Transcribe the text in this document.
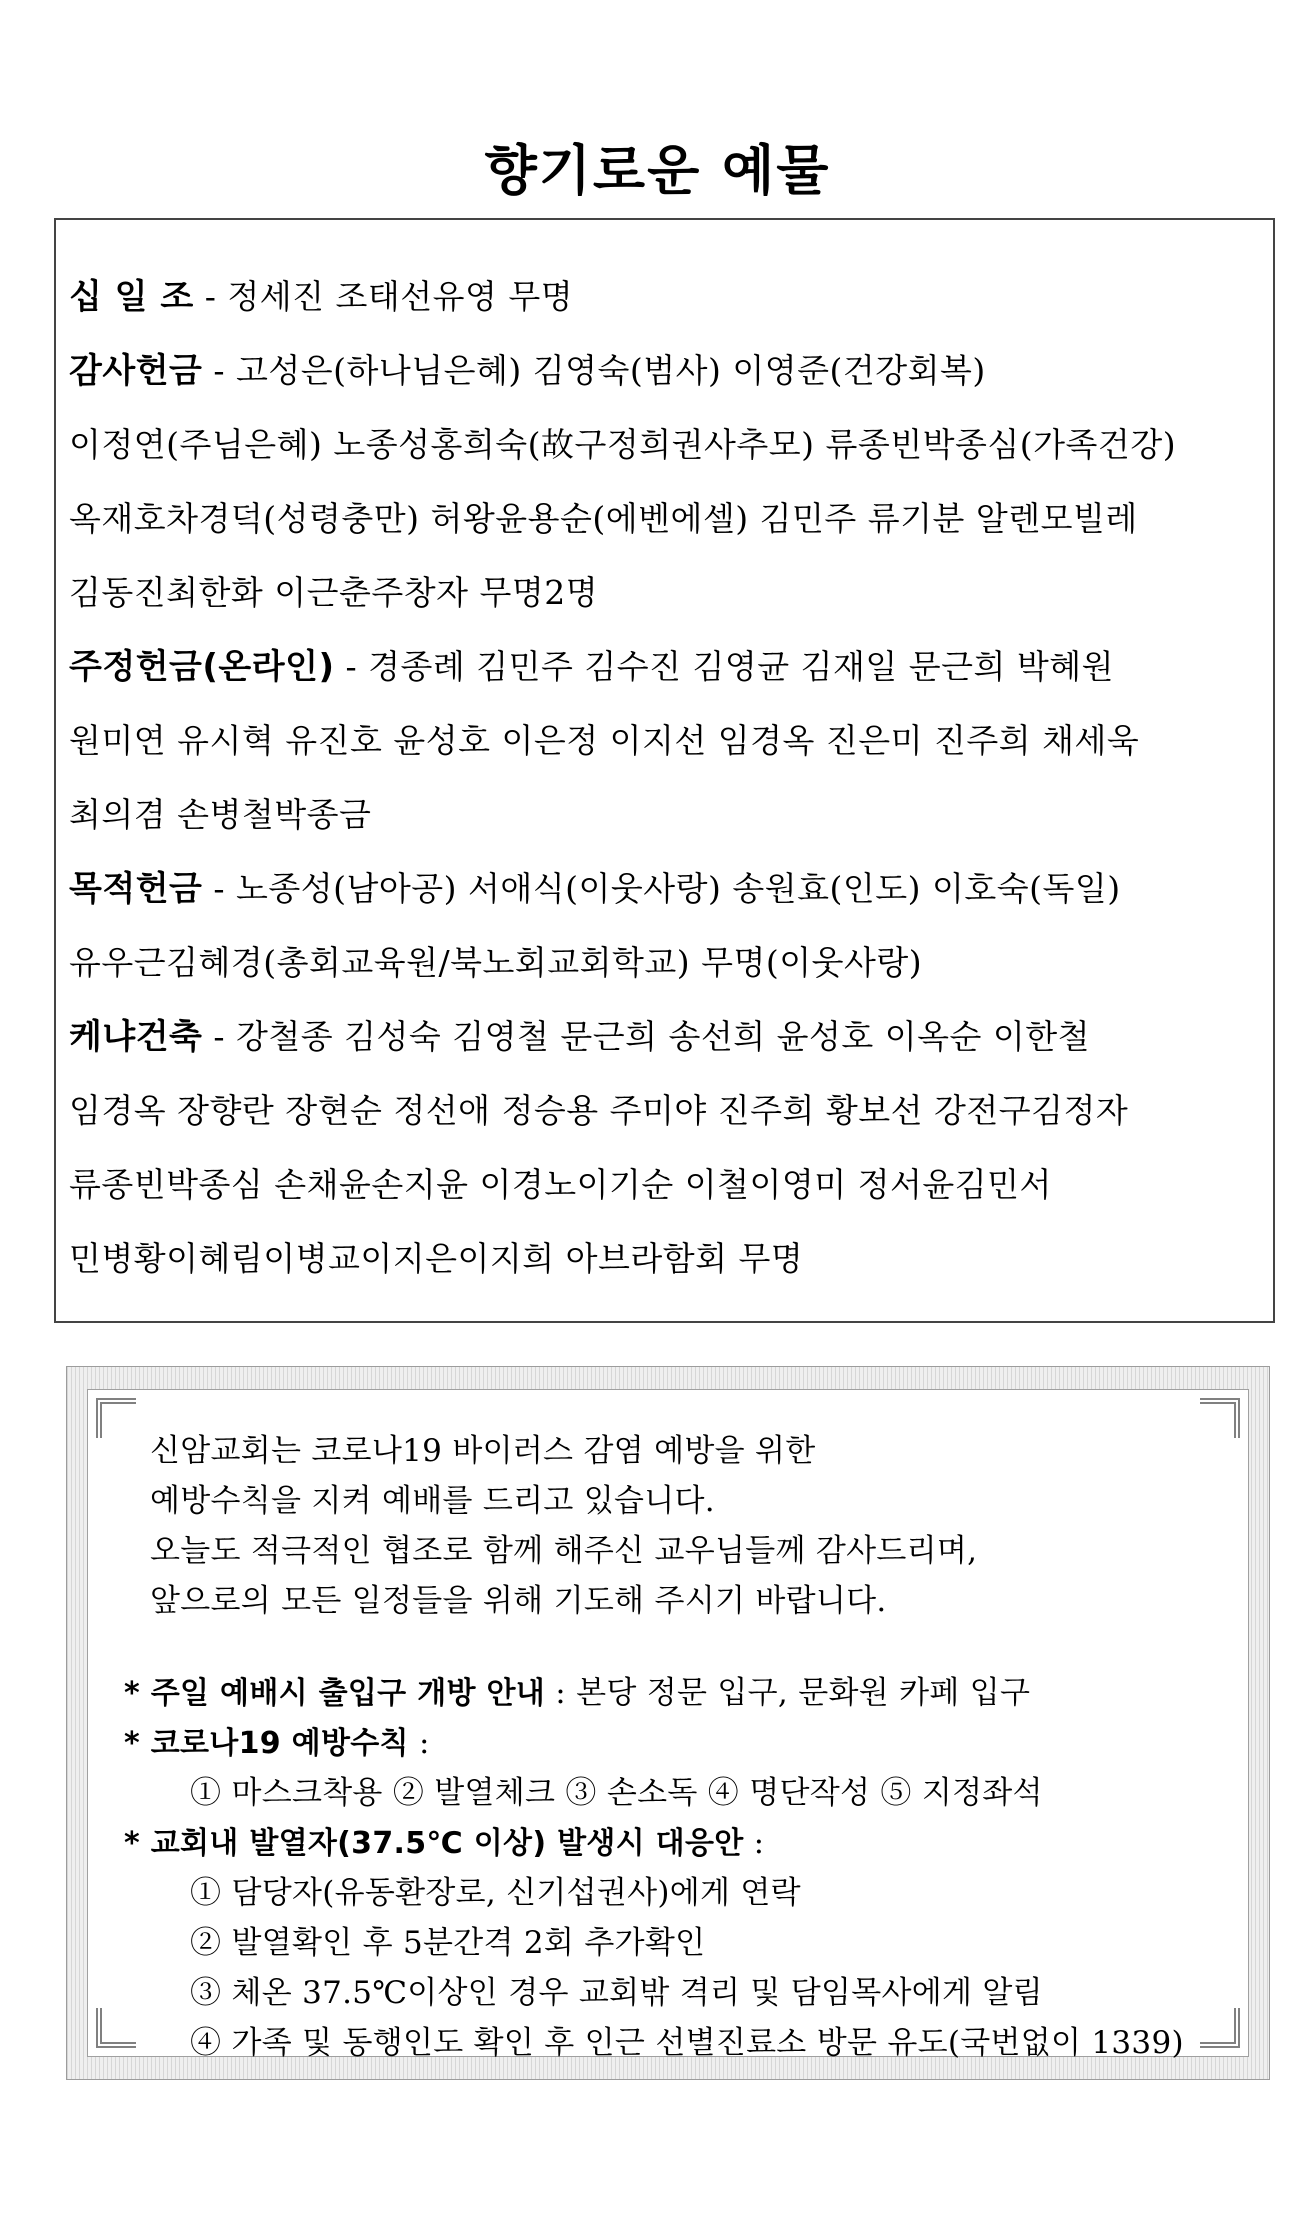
향기로운 예물
십 일 조 - 정세진 조태선유영 무명
감사헌금 - 고성은(하나님은혜) 김영숙(범사) 이영준(건강회복)
이정연(주님은혜) 노종성홍희숙(故구정희권사추모) 류종빈박종심(가족건강)
옥재호차경덕(성령충만) 허왕윤용순(에벤에셀) 김민주 류기분 알렌모빌레
김동진최한화 이근춘주창자 무명2명
주정헌금(온라인) - 경종례 김민주 김수진 김영균 김재일 문근희 박혜원
원미연 유시혁 유진호 윤성호 이은정 이지선 임경옥 진은미 진주희 채세욱
최의겸 손병철박종금
목적헌금 - 노종성(남아공) 서애식(이웃사랑) 송원효(인도) 이호숙(독일)
유우근김혜경(총회교육원/북노회교회학교) 무명(이웃사랑)
케냐건축 - 강철종 김성숙 김영철 문근희 송선희 윤성호 이옥순 이한철
임경옥 장향란 장현순 정선애 정승용 주미야 진주희 황보선 강전구김정자
류종빈박종심 손채윤손지윤 이경노이기순 이철이영미 정서윤김민서
민병황이혜림이병교이지은이지희 아브라함회 무명
신암교회는 코로나19 바이러스 감염 예방을 위한
예방수칙을 지켜 예배를 드리고 있습니다.
오늘도 적극적인 협조로 함께 해주신 교우님들께 감사드리며,
앞으로의 모든 일정들을 위해 기도해 주시기 바랍니다.
* 주일 예배시 출입구 개방 안내 : 본당 정문 입구, 문화원 카페 입구
* 코로나19 예방수칙 :
① 마스크착용 ② 발열체크 ③ 손소독 ④ 명단작성 ⑤ 지정좌석
* 교회내 발열자(37.5℃ 이상) 발생시 대응안 :
① 담당자(유동환장로, 신기섭권사)에게 연락
② 발열확인 후 5분간격 2회 추가확인
③ 체온 37.5℃이상인 경우 교회밖 격리 및 담임목사에게 알림
④ 가족 및 동행인도 확인 후 인근 선별진료소 방문 유도(국번없이 1339)
